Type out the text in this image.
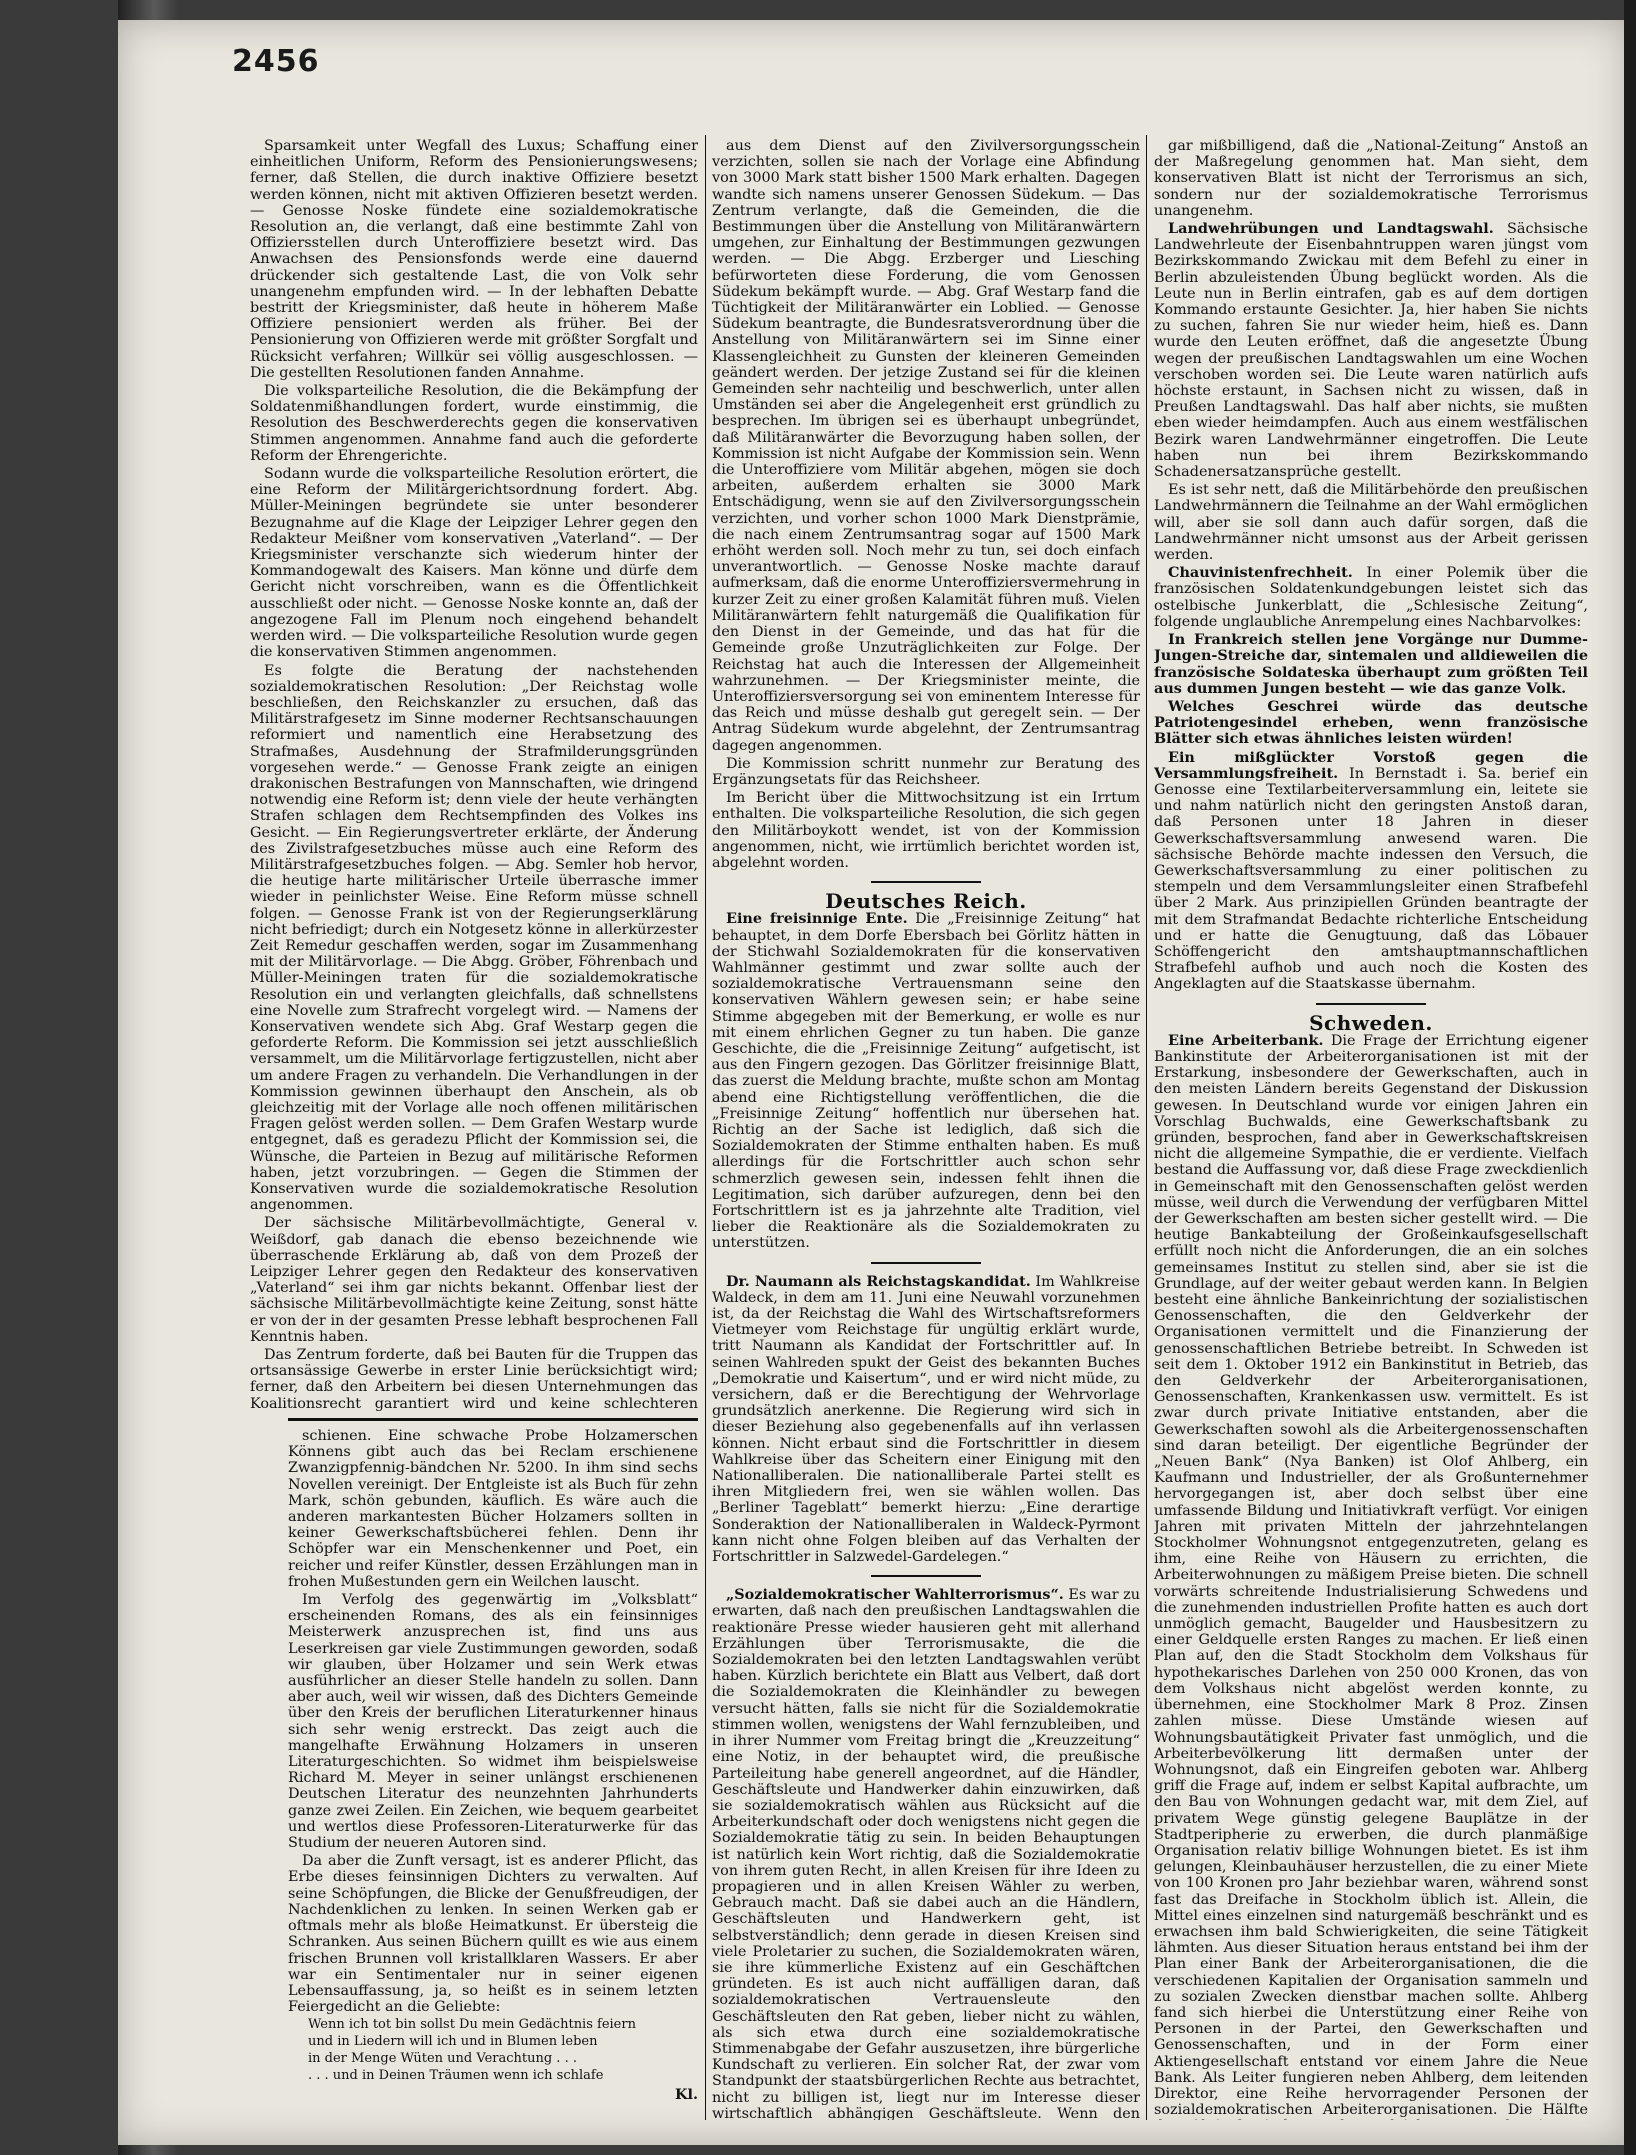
2456

Sparsamkeit unter Wegfall des Luxus; Schaffung einer einheitlichen Uniform, Reform des Pensionierungswesens; ferner, daß Stellen, die durch inaktive Offiziere besetzt werden können, nicht mit aktiven Offizieren besetzt werden. — Genosse Noske fündete eine sozialdemokratische Resolution an, die verlangt, daß eine bestimmte Zahl von Offiziersstellen durch Unteroffiziere besetzt wird. Das Anwachsen des Pensionsfonds werde eine dauernd drückender sich gestaltende Last, die von Volk sehr unangenehm empfunden wird. — In der lebhaften Debatte bestritt der Kriegsminister, daß heute in höherem Maße Offiziere pensioniert werden als früher. Bei der Pensionierung von Offizieren werde mit größter Sorgfalt und Rücksicht verfahren; Willkür sei völlig ausgeschlossen. — Die gestellten Resolutionen fanden Annahme.

Die volksparteiliche Resolution, die die Bekämpfung der Soldatenmißhandlungen fordert, wurde einstimmig, die Resolution des Beschwerderechts gegen die konservativen Stimmen angenommen. Annahme fand auch die geforderte Reform der Ehrengerichte.

Sodann wurde die volksparteiliche Resolution erörtert, die eine Reform der Militärgerichtsordnung fordert. Abg. Müller-Meiningen begründete sie unter besonderer Bezugnahme auf die Klage der Leipziger Lehrer gegen den Redakteur Meißner vom konservativen „Vaterland“. — Der Kriegsminister verschanzte sich wiederum hinter der Kommandogewalt des Kaisers. Man könne und dürfe dem Gericht nicht vorschreiben, wann es die Öffentlichkeit ausschließt oder nicht. — Genosse Noske konnte an, daß der angezogene Fall im Plenum noch eingehend behandelt werden wird. — Die volksparteiliche Resolution wurde gegen die konservativen Stimmen angenommen.

Es folgte die Beratung der nachstehenden sozialdemokratischen Resolution: „Der Reichstag wolle beschließen, den Reichskanzler zu ersuchen, daß das Militärstrafgesetz im Sinne moderner Rechtsanschauungen reformiert und namentlich eine Herabsetzung des Strafmaßes, Ausdehnung der Strafmilderungsgründen vorgesehen werde.“ — Genosse Frank zeigte an einigen drakonischen Bestrafungen von Mannschaften, wie dringend notwendig eine Reform ist; denn viele der heute verhängten Strafen schlagen dem Rechtsempfinden des Volkes ins Gesicht. — Ein Regierungsvertreter erklärte, der Änderung des Zivilstrafgesetzbuches müsse auch eine Reform des Militärstrafgesetzbuches folgen. — Abg. Semler hob hervor, die heutige harte militärischer Urteile überrasche immer wieder in peinlichster Weise. Eine Reform müsse schnell folgen. — Genosse Frank ist von der Regierungserklärung nicht befriedigt; durch ein Notgesetz könne in allerkürzester Zeit Remedur geschaffen werden, sogar im Zusammenhang mit der Militärvorlage. — Die Abgg. Gröber, Föhrenbach und Müller-Meiningen traten für die sozialdemokratische Resolution ein und verlangten gleichfalls, daß schnellstens eine Novelle zum Strafrecht vorgelegt wird. — Namens der Konservativen wendete sich Abg. Graf Westarp gegen die geforderte Reform. Die Kommission sei jetzt ausschließlich versammelt, um die Militärvorlage fertigzustellen, nicht aber um andere Fragen zu verhandeln. Die Verhandlungen in der Kommission gewinnen überhaupt den Anschein, als ob gleichzeitig mit der Vorlage alle noch offenen militärischen Fragen gelöst werden sollen. — Dem Grafen Westarp wurde entgegnet, daß es geradezu Pflicht der Kommission sei, die Wünsche, die Parteien in Bezug auf militärische Reformen haben, jetzt vorzubringen. — Gegen die Stimmen der Konservativen wurde die sozialdemokratische Resolution angenommen.

Der sächsische Militärbevollmächtigte, General v. Weißdorf, gab danach die ebenso bezeichnende wie überraschende Erklärung ab, daß von dem Prozeß der Leipziger Lehrer gegen den Redakteur des konservativen „Vaterland“ sei ihm gar nichts bekannt. Offenbar liest der sächsische Militärbevollmächtigte keine Zeitung, sonst hätte er von der in der gesamten Presse lebhaft besprochenen Fall Kenntnis haben.

Das Zentrum forderte, daß bei Bauten für die Truppen das ortsansässige Gewerbe in erster Linie berücksichtigt wird; ferner, daß den Arbeitern bei diesen Unternehmungen das Koalitionsrecht garantiert wird und keine schlechteren

schienen. Eine schwache Probe Holzamerschen Könnens gibt auch das bei Reclam erschienene Zwanzigpfennig-bändchen Nr. 5200. In ihm sind sechs Novellen vereinigt. Der Entgleiste ist als Buch für zehn Mark, schön gebunden, käuflich. Es wäre auch die anderen markantesten Bücher Holzamers sollten in keiner Gewerkschaftsbücherei fehlen. Denn ihr Schöpfer war ein Menschenkenner und Poet, ein reicher und reifer Künstler, dessen Erzählungen man in frohen Mußestunden gern ein Weilchen lauscht.

Im Verfolg des gegenwärtig im „Volksblatt“ erscheinenden Romans, des als ein feinsinniges Meisterwerk anzusprechen ist, find uns aus Leserkreisen gar viele Zustimmungen geworden, sodaß wir glauben, über Holzamer und sein Werk etwas ausführlicher an dieser Stelle handeln zu sollen. Dann aber auch, weil wir wissen, daß des Dichters Gemeinde über den Kreis der beruflichen Literaturkenner hinaus sich sehr wenig erstreckt. Das zeigt auch die mangelhafte Erwähnung Holzamers in unseren Literaturgeschichten. So widmet ihm beispielsweise Richard M. Meyer in seiner unlängst erschienenen Deutschen Literatur des neunzehnten Jahrhunderts ganze zwei Zeilen. Ein Zeichen, wie bequem gearbeitet und wertlos diese Professoren-Literaturwerke für das Studium der neueren Autoren sind.

Da aber die Zunft versagt, ist es anderer Pflicht, das Erbe dieses feinsinnigen Dichters zu verwalten. Auf seine Schöpfungen, die Blicke der Genußfreudigen, der Nachdenklichen zu lenken. In seinen Werken gab er oftmals mehr als bloße Heimatkunst. Er übersteig die Schranken. Aus seinen Büchern quillt es wie aus einem frischen Brunnen voll kristallklaren Wassers. Er aber war ein Sentimentaler nur in seiner eigenen Lebensauffassung, ja, so heißt es in seinem letzten Feiergedicht an die Geliebte:

Wenn ich tot bin sollst Du mein Gedächtnis feiern

und in Liedern will ich und in Blumen leben

in der Menge Wüten und Verachtung . . .

. . . und in Deinen Träumen wenn ich schlafe

Kl.

aus dem Dienst auf den Zivilversorgungsschein verzichten, sollen sie nach der Vorlage eine Abfindung von 3000 Mark statt bisher 1500 Mark erhalten. Dagegen wandte sich namens unserer Genossen Südekum. — Das Zentrum verlangte, daß die Gemeinden, die die Bestimmungen über die Anstellung von Militäranwärtern umgehen, zur Einhaltung der Bestimmungen gezwungen werden. — Die Abgg. Erzberger und Liesching befürworteten diese Forderung, die vom Genossen Südekum bekämpft wurde. — Abg. Graf Westarp fand die Tüchtigkeit der Militäranwärter ein Loblied. — Genosse Südekum beantragte, die Bundesratsverordnung über die Anstellung von Militäranwärtern sei im Sinne einer Klassengleichheit zu Gunsten der kleineren Gemeinden geändert werden. Der jetzige Zustand sei für die kleinen Gemeinden sehr nachteilig und beschwerlich, unter allen Umständen sei aber die Angelegenheit erst gründlich zu besprechen. Im übrigen sei es überhaupt unbegründet, daß Militäranwärter die Bevorzugung haben sollen, der Kommission ist nicht Aufgabe der Kommission sein. Wenn die Unteroffiziere vom Militär abgehen, mögen sie doch arbeiten, außerdem erhalten sie 3000 Mark Entschädigung, wenn sie auf den Zivilversorgungsschein verzichten, und vorher schon 1000 Mark Dienstprämie, die nach einem Zentrumsantrag sogar auf 1500 Mark erhöht werden soll. Noch mehr zu tun, sei doch einfach unverantwortlich. — Genosse Noske machte darauf aufmerksam, daß die enorme Unteroffiziersvermehrung in kurzer Zeit zu einer großen Kalamität führen muß. Vielen Militäranwärtern fehlt naturgemäß die Qualifikation für den Dienst in der Gemeinde, und das hat für die Gemeinde große Unzuträglichkeiten zur Folge. Der Reichstag hat auch die Interessen der Allgemeinheit wahrzunehmen. — Der Kriegsminister meinte, die Unteroffiziersversorgung sei von eminentem Interesse für das Reich und müsse deshalb gut geregelt sein. — Der Antrag Südekum wurde abgelehnt, der Zentrumsantrag dagegen angenommen.

Die Kommission schritt nunmehr zur Beratung des Ergänzungsetats für das Reichsheer.

Im Bericht über die Mittwochsitzung ist ein Irrtum enthalten. Die volksparteiliche Resolution, die sich gegen den Militärboykott wendet, ist von der Kommission angenommen, nicht, wie irrtümlich berichtet worden ist, abgelehnt worden.

Deutsches Reich.

Eine freisinnige Ente. Die „Freisinnige Zeitung“ hat behauptet, in dem Dorfe Ebersbach bei Görlitz hätten in der Stichwahl Sozialdemokraten für die konservativen Wahlmänner gestimmt und zwar sollte auch der sozialdemokratische Vertrauensmann seine den konservativen Wählern gewesen sein; er habe seine Stimme abgegeben mit der Bemerkung, er wolle es nur mit einem ehrlichen Gegner zu tun haben. Die ganze Geschichte, die die „Freisinnige Zeitung“ aufgetischt, ist aus den Fingern gezogen. Das Görlitzer freisinnige Blatt, das zuerst die Meldung brachte, mußte schon am Montag abend eine Richtigstellung veröffentlichen, die die „Freisinnige Zeitung“ hoffentlich nur übersehen hat. Richtig an der Sache ist lediglich, daß sich die Sozialdemokraten der Stimme enthalten haben. Es muß allerdings für die Fortschrittler auch schon sehr schmerzlich gewesen sein, indessen fehlt ihnen die Legitimation, sich darüber aufzuregen, denn bei den Fortschrittlern ist es ja jahrzehnte alte Tradition, viel lieber die Reaktionäre als die Sozialdemokraten zu unterstützen.

Dr. Naumann als Reichstagskandidat. Im Wahlkreise Waldeck, in dem am 11. Juni eine Neuwahl vorzunehmen ist, da der Reichstag die Wahl des Wirtschaftsreformers Vietmeyer vom Reichstage für ungültig erklärt wurde, tritt Naumann als Kandidat der Fortschrittler auf. In seinen Wahlreden spukt der Geist des bekannten Buches „Demokratie und Kaisertum“, und er wird nicht müde, zu versichern, daß er die Berechtigung der Wehrvorlage grundsätzlich anerkenne. Die Regierung wird sich in dieser Beziehung also gegebenenfalls auf ihn verlassen können. Nicht erbaut sind die Fortschrittler in diesem Wahlkreise über das Scheitern einer Einigung mit den Nationalliberalen. Die nationalliberale Partei stellt es ihren Mitgliedern frei, wen sie wählen wollen. Das „Berliner Tageblatt“ bemerkt hierzu: „Eine derartige Sonderaktion der Nationalliberalen in Waldeck-Pyrmont kann nicht ohne Folgen bleiben auf das Verhalten der Fortschrittler in Salzwedel-Gardelegen.“

„Sozialdemokratischer Wahlterrorismus“. Es war zu erwarten, daß nach den preußischen Landtagswahlen die reaktionäre Presse wieder hausieren geht mit allerhand Erzählungen über Terrorismusakte, die die Sozialdemokraten bei den letzten Landtagswahlen verübt haben. Kürzlich berichtete ein Blatt aus Velbert, daß dort die Sozialdemokraten die Kleinhändler zu bewegen versucht hätten, falls sie nicht für die Sozialdemokratie stimmen wollen, wenigstens der Wahl fernzubleiben, und in ihrer Nummer vom Freitag bringt die „Kreuzzeitung“ eine Notiz, in der behauptet wird, die preußische Parteileitung habe generell angeordnet, auf die Händler, Geschäftsleute und Handwerker dahin einzuwirken, daß sie sozialdemokratisch wählen aus Rücksicht auf die Arbeiterkundschaft oder doch wenigstens nicht gegen die Sozialdemokratie tätig zu sein. In beiden Behauptungen ist natürlich kein Wort richtig, daß die Sozialdemokratie von ihrem guten Recht, in allen Kreisen für ihre Ideen zu propagieren und in allen Kreisen Wähler zu werben, Gebrauch macht. Daß sie dabei auch an die Händlern, Geschäftsleuten und Handwerkern geht, ist selbstverständlich; denn gerade in diesen Kreisen sind viele Proletarier zu suchen, die Sozialdemokraten wären, sie ihre kümmerliche Existenz auf ein Geschäftchen gründeten. Es ist auch nicht auffälligen daran, daß sozialdemokratischen Vertrauensleute den Geschäftsleuten den Rat geben, lieber nicht zu wählen, als sich etwa durch eine sozialdemokratische Stimmenabgabe der Gefahr auszusetzen, ihre bürgerliche Kundschaft zu verlieren. Ein solcher Rat, der zwar vom Standpunkt der staatsbürgerlichen Rechte aus betrachtet, nicht zu billigen ist, liegt nur im Interesse dieser wirtschaftlich abhängigen Geschäftsleute. Wenn den

gar mißbilligend, daß die „National-Zeitung“ Anstoß an der Maßregelung genommen hat. Man sieht, dem konservativen Blatt ist nicht der Terrorismus an sich, sondern nur der sozialdemokratische Terrorismus unangenehm.

Landwehrübungen und Landtagswahl. Sächsische Landwehrleute der Eisenbahntruppen waren jüngst vom Bezirkskommando Zwickau mit dem Befehl zu einer in Berlin abzuleistenden Übung beglückt worden. Als die Leute nun in Berlin eintrafen, gab es auf dem dortigen Kommando erstaunte Gesichter. Ja, hier haben Sie nichts zu suchen, fahren Sie nur wieder heim, hieß es. Dann wurde den Leuten eröffnet, daß die angesetzte Übung wegen der preußischen Landtagswahlen um eine Wochen verschoben worden sei. Die Leute waren natürlich aufs höchste erstaunt, in Sachsen nicht zu wissen, daß in Preußen Landtagswahl. Das half aber nichts, sie mußten eben wieder heimdampfen. Auch aus einem westfälischen Bezirk waren Landwehrmänner eingetroffen. Die Leute haben nun bei ihrem Bezirkskommando Schadenersatzansprüche gestellt.

Es ist sehr nett, daß die Militärbehörde den preußischen Landwehrmännern die Teilnahme an der Wahl ermöglichen will, aber sie soll dann auch dafür sorgen, daß die Landwehrmänner nicht umsonst aus der Arbeit gerissen werden.

Chauvinistenfrechheit. In einer Polemik über die französischen Soldatenkundgebungen leistet sich das ostelbische Junkerblatt, die „Schlesische Zeitung“, folgende unglaubliche Anrempelung eines Nachbarvolkes:

In Frankreich stellen jene Vorgänge nur Dumme-Jungen-Streiche dar, sintemalen und alldieweilen die französische Soldateska überhaupt zum größten Teil aus dummen Jungen besteht — wie das ganze Volk.

Welches Geschrei würde das deutsche Patriotengesindel erheben, wenn französische Blätter sich etwas ähnliches leisten würden!

Ein mißglückter Vorstoß gegen die Versammlungsfreiheit. In Bernstadt i. Sa. berief ein Genosse eine Textilarbeiterversammlung ein, leitete sie und nahm natürlich nicht den geringsten Anstoß daran, daß Personen unter 18 Jahren in dieser Gewerkschaftsversammlung anwesend waren. Die sächsische Behörde machte indessen den Versuch, die Gewerkschaftsversammlung zu einer politischen zu stempeln und dem Versammlungsleiter einen Strafbefehl über 2 Mark. Aus prinzipiellen Gründen beantragte der mit dem Strafmandat Bedachte richterliche Entscheidung und er hatte die Genugtuung, daß das Löbauer Schöffengericht den amtshauptmannschaftlichen Strafbefehl aufhob und auch noch die Kosten des Angeklagten auf die Staatskasse übernahm.

Schweden.

Eine Arbeiterbank. Die Frage der Errichtung eigener Bankinstitute der Arbeiterorganisationen ist mit der Erstarkung, insbesondere der Gewerkschaften, auch in den meisten Ländern bereits Gegenstand der Diskussion gewesen. In Deutschland wurde vor einigen Jahren ein Vorschlag Buchwalds, eine Gewerkschaftsbank zu gründen, besprochen, fand aber in Gewerkschaftskreisen nicht die allgemeine Sympathie, die er verdiente. Vielfach bestand die Auffassung vor, daß diese Frage zweckdienlich in Gemeinschaft mit den Genossenschaften gelöst werden müsse, weil durch die Verwendung der verfügbaren Mittel der Gewerkschaften am besten sicher gestellt wird. — Die heutige Bankabteilung der Großeinkaufsgesellschaft erfüllt noch nicht die Anforderungen, die an ein solches gemeinsames Institut zu stellen sind, aber sie ist die Grundlage, auf der weiter gebaut werden kann. In Belgien besteht eine ähnliche Bankeinrichtung der sozialistischen Genossenschaften, die den Geldverkehr der Organisationen vermittelt und die Finanzierung der genossenschaftlichen Betriebe betreibt. In Schweden ist seit dem 1. Oktober 1912 ein Bankinstitut in Betrieb, das den Geldverkehr der Arbeiterorganisationen, Genossenschaften, Krankenkassen usw. vermittelt. Es ist zwar durch private Initiative entstanden, aber die Gewerkschaften sowohl als die Arbeitergenossenschaften sind daran beteiligt. Der eigentliche Begründer der „Neuen Bank“ (Nya Banken) ist Olof Ahlberg, ein Kaufmann und Industrieller, der als Großunternehmer hervorgegangen ist, aber doch selbst über eine umfassende Bildung und Initiativkraft verfügt. Vor einigen Jahren mit privaten Mitteln der jahrzehntelangen Stockholmer Wohnungsnot entgegenzutreten, gelang es ihm, eine Reihe von Häusern zu errichten, die Arbeiterwohnungen zu mäßigem Preise bieten. Die schnell vorwärts schreitende Industrialisierung Schwedens und die zunehmenden industriellen Profite hatten es auch dort unmöglich gemacht, Baugelder und Hausbesitzern zu einer Geldquelle ersten Ranges zu machen. Er ließ einen Plan auf, den die Stadt Stockholm dem Volkshaus für hypothekarisches Darlehen von 250 000 Kronen, das von dem Volkshaus nicht abgelöst werden konnte, zu übernehmen, eine Stockholmer Mark 8 Proz. Zinsen zahlen müsse. Diese Umstände wiesen auf Wohnungsbautätigkeit Privater fast unmöglich, und die Arbeiterbevölkerung litt dermaßen unter der Wohnungsnot, daß ein Eingreifen geboten war. Ahlberg griff die Frage auf, indem er selbst Kapital aufbrachte, um den Bau von Wohnungen gedacht war, mit dem Ziel, auf privatem Wege günstig gelegene Bauplätze in der Stadtperipherie zu erwerben, die durch planmäßige Organisation relativ billige Wohnungen bietet. Es ist ihm gelungen, Kleinbauhäuser herzustellen, die zu einer Miete von 100 Kronen pro Jahr beziehbar waren, während sonst fast das Dreifache in Stockholm üblich ist. Allein, die Mittel eines einzelnen sind naturgemäß beschränkt und es erwachsen ihm bald Schwierigkeiten, die seine Tätigkeit lähmten. Aus dieser Situation heraus entstand bei ihm der Plan einer Bank der Arbeiterorganisationen, die die verschiedenen Kapitalien der Organisation sammeln und zu sozialen Zwecken dienstbar machen sollte. Ahlberg fand sich hierbei die Unterstützung einer Reihe von Personen in der Partei, den Gewerkschaften und Genossenschaften, und in der Form einer Aktiengesellschaft entstand vor einem Jahre die Neue Bank. Als Leiter fungieren neben Ahlberg, dem leitenden Direktor, eine Reihe hervorragender Personen der sozialdemokratischen Arbeiterorganisationen. Die Hälfte
